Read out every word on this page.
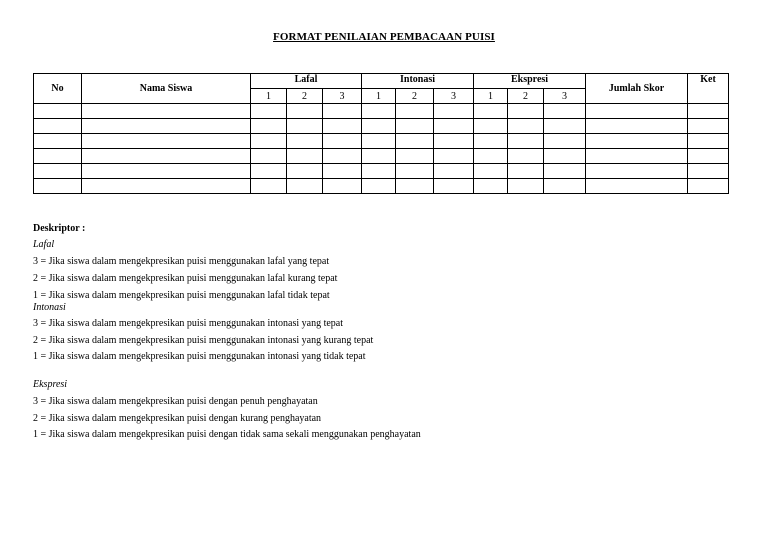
FORMAT PENILAIAN PEMBACAAN PUISI
No	Nama Siswa	Lafal			Intonasi			Ekspresi			Jumlah Skor	Ket
		1	2	3	1	2	3	1	2	3		

Deskriptor :
Lafal
3 = Jika siswa dalam mengekpresikan puisi menggunakan lafal yang tepat
2 = Jika siswa dalam mengekpresikan puisi menggunakan lafal kurang tepat
1 = Jika siswa dalam mengekpresikan puisi menggunakan lafal tidak tepat
Intonasi
3 = Jika siswa dalam mengekpresikan puisi menggunakan intonasi yang tepat
2 = Jika siswa dalam mengekpresikan puisi menggunakan intonasi yang kurang tepat
1 = Jika siswa dalam mengekpresikan puisi menggunakan intonasi yang tidak tepat
Ekspresi
3 = Jika siswa dalam mengekpresikan puisi dengan penuh penghayatan
2 = Jika siswa dalam mengekpresikan puisi dengan kurang penghayatan
1 = Jika siswa dalam mengekpresikan puisi dengan tidak sama sekali menggunakan penghayatan
